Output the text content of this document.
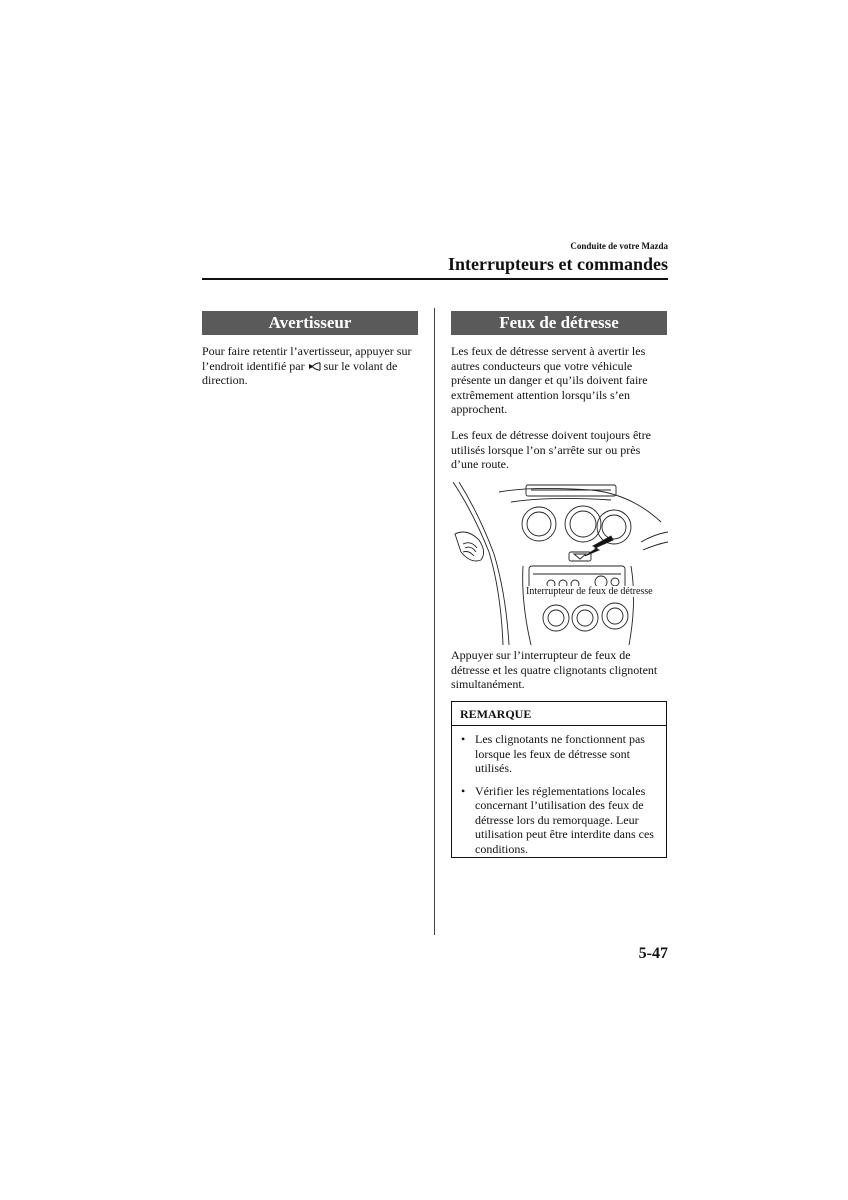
Conduite de votre Mazda
Interrupteurs et commandes
Avertisseur
Pour faire retentir l’avertisseur, appuyer sur l’endroit identifié par  sur le volant de direction.
Feux de détresse
Les feux de détresse servent à avertir les autres conducteurs que votre véhicule présente un danger et qu’ils doivent faire extrêmement attention lorsqu’ils s’en approchent.
Les feux de détresse doivent toujours être utilisés lorsque l’on s’arrête sur ou près d’une route.
Interrupteur de feux de détresse
Appuyer sur l’interrupteur de feux de détresse et les quatre clignotants clignotent simultanément.
REMARQUE
• Les clignotants ne fonctionnent pas lorsque les feux de détresse sont utilisés.
• Vérifier les réglementations locales concernant l’utilisation des feux de détresse lors du remorquage. Leur utilisation peut être interdite dans ces conditions.
5-47
